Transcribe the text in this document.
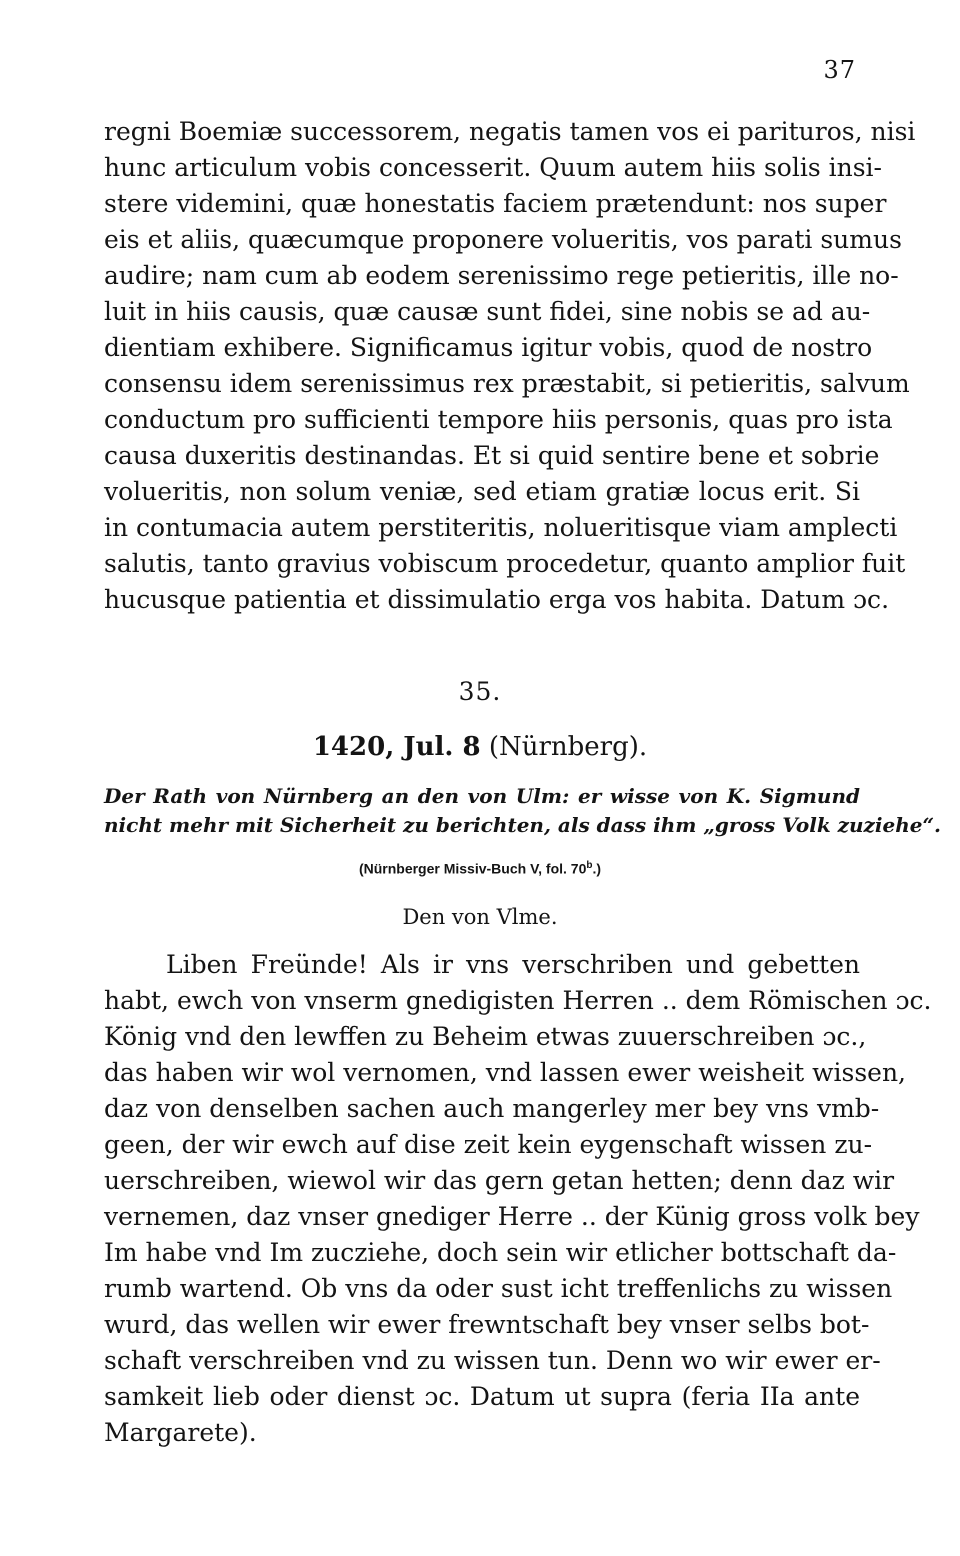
37
regni Boemiæ successorem, negatis tamen vos ei parituros, nisi
hunc articulum vobis concesserit. Quum autem hiis solis insi-
stere videmini, quæ honestatis faciem prætendunt: nos super
eis et aliis, quæcumque proponere volueritis, vos parati sumus
audire; nam cum ab eodem serenissimo rege petieritis, ille no-
luit in hiis causis, quæ causæ sunt fidei, sine nobis se ad au-
dientiam exhibere. Significamus igitur vobis, quod de nostro
consensu idem serenissimus rex præstabit, si petieritis, salvum
conductum pro sufficienti tempore hiis personis, quas pro ista
causa duxeritis destinandas. Et si quid sentire bene et sobrie
volueritis, non solum veniæ, sed etiam gratiæ locus erit. Si
in contumacia autem perstiteritis, nolueritisque viam amplecti
salutis, tanto gravius vobiscum procedetur, quanto amplior fuit
hucusque patientia et dissimulatio erga vos habita. Datum ɔc.
35.
1420, Jul. 8 (Nürnberg).
Der Rath von Nürnberg an den von Ulm: er wisse von K. Sigmund
nicht mehr mit Sicherheit zu berichten, als dass ihm „gross Volk zuziehe“.
(Nürnberger Missiv-Buch V, fol. 70$^b$.)
Den von Vlme.
Liben Freünde! Als ir vns verschriben und gebetten
habt, ewch von vnserm gnedigisten Herren .. dem Römischen ɔc.
König vnd den lewffen zu Beheim etwas zuuerschreiben ɔc.,
das haben wir wol vernomen, vnd lassen ewer weisheit wissen,
daz von denselben sachen auch mangerley mer bey vns vmb-
geen, der wir ewch auf dise zeit kein eygenschaft wissen zu-
uerschreiben, wiewol wir das gern getan hetten; denn daz wir
vernemen, daz vnser gnediger Herre .. der Künig gross volk bey
Im habe vnd Im zucziehe, doch sein wir etlicher bottschaft da-
rumb wartend. Ob vns da oder sust icht treffenlichs zu wissen
wurd, das wellen wir ewer frewntschaft bey vnser selbs bot-
schaft verschreiben vnd zu wissen tun. Denn wo wir ewer er-
samkeit lieb oder dienst ɔc. Datum ut supra (feria IIa ante
Margarete).
